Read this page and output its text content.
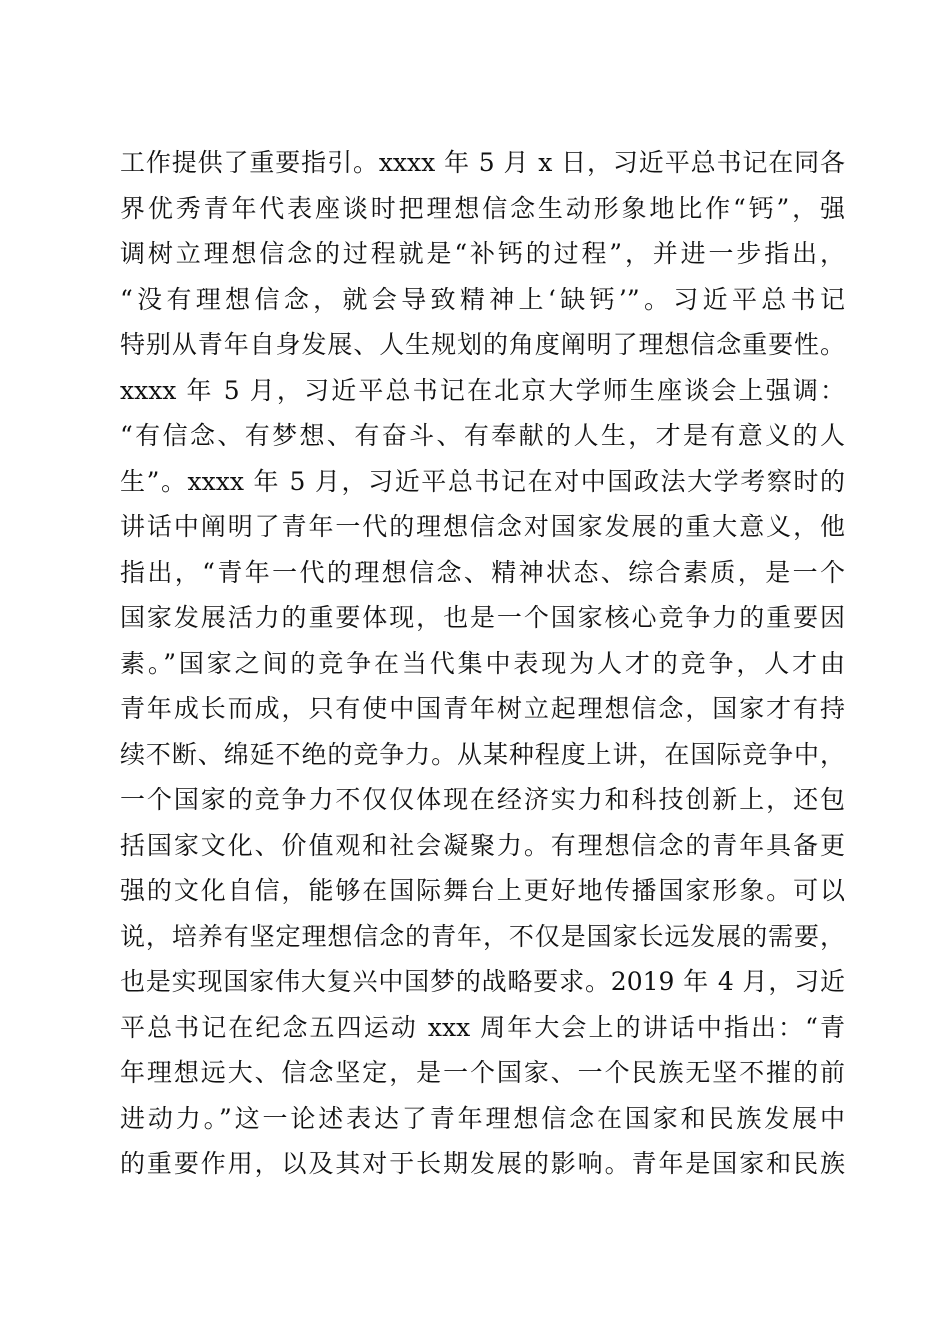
工作提供了重要指引。xxxx 年 5 月 x 日，习近平总书记在同各
界优秀青年代表座谈时把理想信念生动形象地比作“钙”，强
调树立理想信念的过程就是“补钙的过程”，并进一步指出，
“没有理想信念，就会导致精神上‘缺钙’”。习近平总书记
特别从青年自身发展、人生规划的角度阐明了理想信念重要性。
xxxx 年 5 月，习近平总书记在北京大学师生座谈会上强调：
“有信念、有梦想、有奋斗、有奉献的人生，才是有意义的人
生”。xxxx 年 5 月，习近平总书记在对中国政法大学考察时的
讲话中阐明了青年一代的理想信念对国家发展的重大意义，他
指出，“青年一代的理想信念、精神状态、综合素质，是一个
国家发展活力的重要体现，也是一个国家核心竞争力的重要因
素。”国家之间的竞争在当代集中表现为人才的竞争，人才由
青年成长而成，只有使中国青年树立起理想信念，国家才有持
续不断、绵延不绝的竞争力。从某种程度上讲，在国际竞争中，
一个国家的竞争力不仅仅体现在经济实力和科技创新上，还包
括国家文化、价值观和社会凝聚力。有理想信念的青年具备更
强的文化自信，能够在国际舞台上更好地传播国家形象。可以
说，培养有坚定理想信念的青年，不仅是国家长远发展的需要，
也是实现国家伟大复兴中国梦的战略要求。2019 年 4 月，习近
平总书记在纪念五四运动 xxx 周年大会上的讲话中指出：“青
年理想远大、信念坚定，是一个国家、一个民族无坚不摧的前
进动力。”这一论述表达了青年理想信念在国家和民族发展中
的重要作用，以及其对于长期发展的影响。青年是国家和民族
